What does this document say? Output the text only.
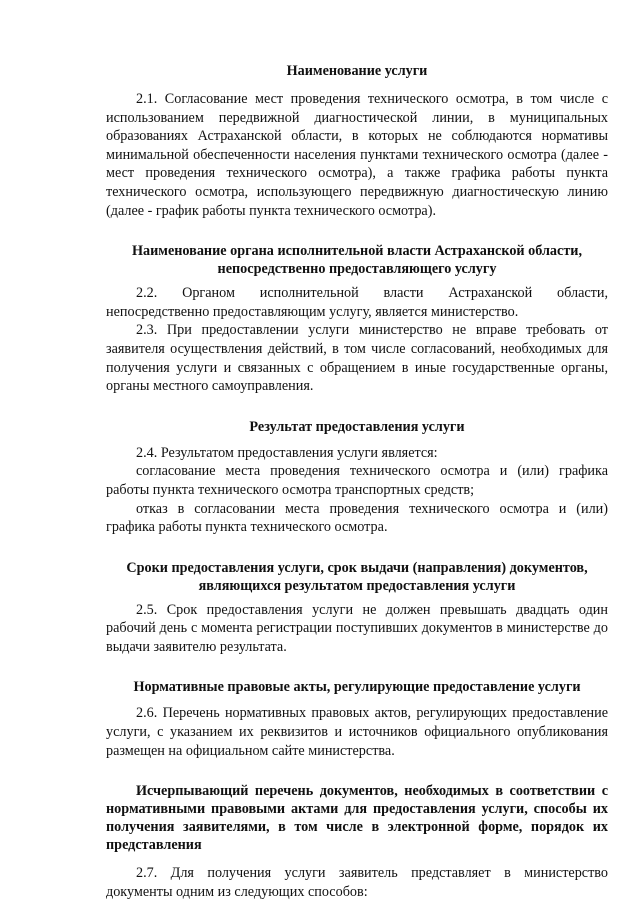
Наименование услуги

2.1. Согласование мест проведения технического осмотра, в том числе с использованием передвижной диагностической линии, в муниципальных образованиях Астраханской области, в которых не соблюдаются нормативы минимальной обеспеченности населения пунктами технического осмотра (далее - мест проведения технического осмотра), а также графика работы пункта технического осмотра, использующего передвижную диагностическую линию (далее - график работы пункта технического осмотра).

Наименование органа исполнительной власти Астраханской области,
непосредственно предоставляющего услугу

2.2. Органом исполнительной власти Астраханской области, непосредственно предоставляющим услугу, является министерство.

2.3. При предоставлении услуги министерство не вправе требовать от заявителя осуществления действий, в том числе согласований, необходимых для получения услуги и связанных с обращением в иные государственные органы, органы местного самоуправления.

Результат предоставления услуги

2.4. Результатом предоставления услуги является:

согласование места проведения технического осмотра и (или) графика работы пункта технического осмотра транспортных средств;

отказ в согласовании места проведения технического осмотра и (или) графика работы пункта технического осмотра.

Сроки предоставления услуги, срок выдачи (направления) документов,
являющихся результатом предоставления услуги

2.5. Срок предоставления услуги не должен превышать двадцать один рабочий день с момента регистрации поступивших документов в министерстве до выдачи заявителю результата.

Нормативные правовые акты, регулирующие предоставление услуги

2.6. Перечень нормативных правовых актов, регулирующих предоставление услуги, с указанием их реквизитов и источников официального опубликования размещен на официальном сайте министерства.

Исчерпывающий перечень документов, необходимых в соответствии с нормативными правовыми актами для предоставления услуги, способы их получения заявителями, в том числе в электронной форме, порядок их представления

2.7. Для получения услуги заявитель представляет в министерство документы одним из следующих способов:
